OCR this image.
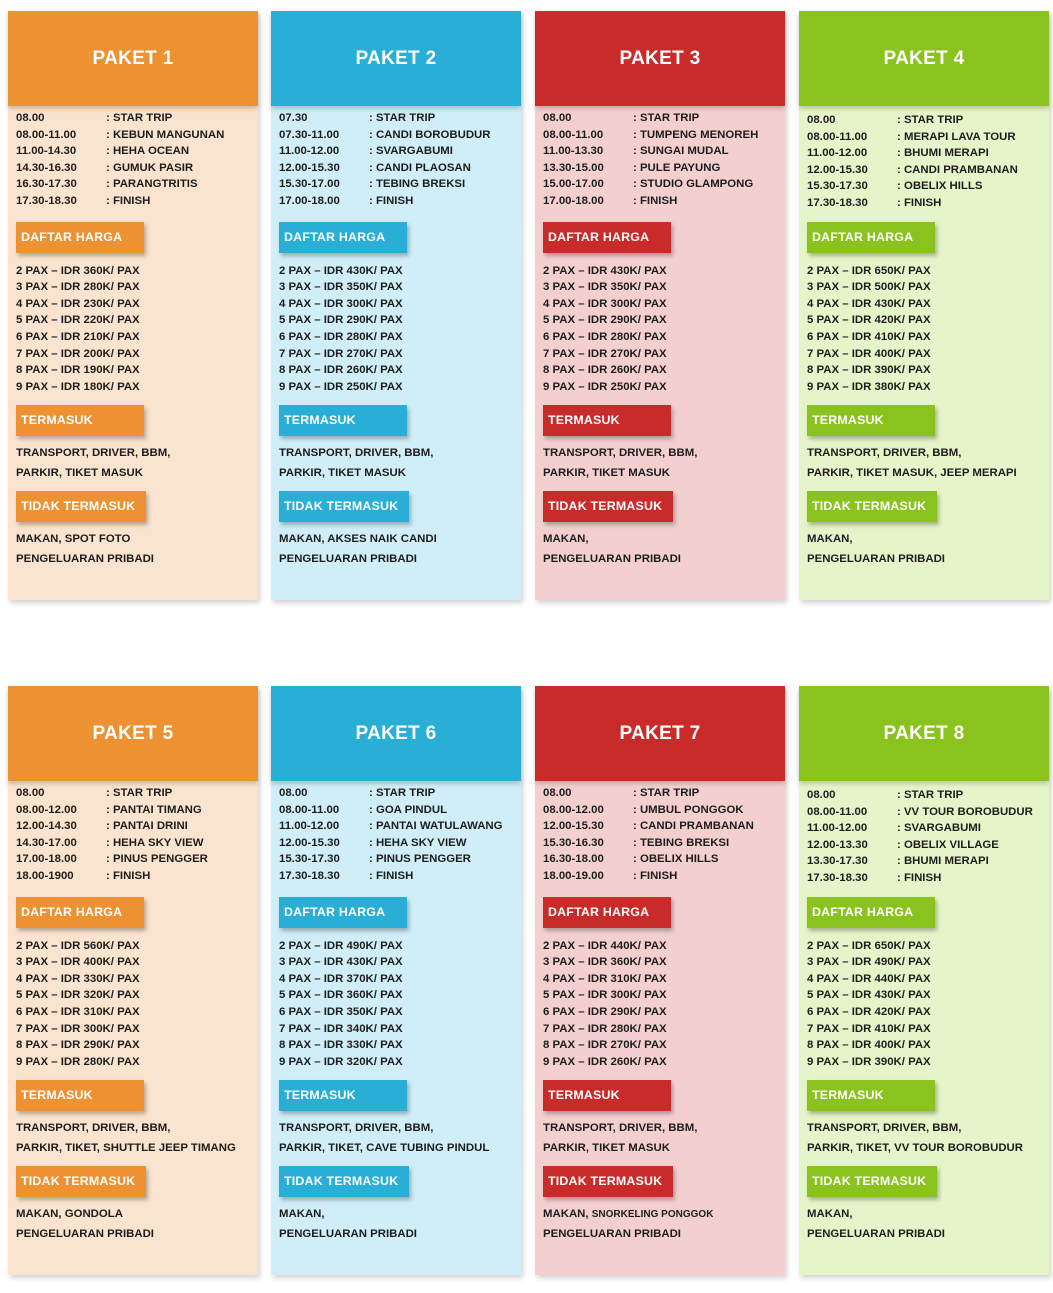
PAKET 1
08.00	: STAR TRIP
08.00-11.00	: KEBUN MANGUNAN
11.00-14.30	: HEHA OCEAN
14.30-16.30	: GUMUK PASIR
16.30-17.30	: PARANGTRITIS
17.30-18.30	: FINISH
DAFTAR HARGA
2 PAX – IDR 360K/ PAX
3 PAX – IDR 280K/ PAX
4 PAX – IDR 230K/ PAX
5 PAX – IDR 220K/ PAX
6 PAX – IDR 210K/ PAX
7 PAX – IDR 200K/ PAX
8 PAX – IDR 190K/ PAX
9 PAX – IDR 180K/ PAX
TERMASUK
TRANSPORT, DRIVER, BBM,
PARKIR, TIKET MASUK
TIDAK TERMASUK
MAKAN, SPOT FOTO
PENGELUARAN PRIBADI
PAKET 2
07.30	: STAR TRIP
07.30-11.00	: CANDI BOROBUDUR
11.00-12.00	: SVARGABUMI
12.00-15.30	: CANDI PLAOSAN
15.30-17.00	: TEBING BREKSI
17.00-18.00	: FINISH
DAFTAR HARGA
2 PAX – IDR 430K/ PAX
3 PAX – IDR 350K/ PAX
4 PAX – IDR 300K/ PAX
5 PAX – IDR 290K/ PAX
6 PAX – IDR 280K/ PAX
7 PAX – IDR 270K/ PAX
8 PAX – IDR 260K/ PAX
9 PAX – IDR 250K/ PAX
TERMASUK
TRANSPORT, DRIVER, BBM,
PARKIR, TIKET MASUK
TIDAK TERMASUK
MAKAN, AKSES NAIK CANDI
PENGELUARAN PRIBADI
PAKET 3
08.00	: STAR TRIP
08.00-11.00	: TUMPENG MENOREH
11.00-13.30	: SUNGAI MUDAL
13.30-15.00	: PULE PAYUNG
15.00-17.00	: STUDIO GLAMPONG
17.00-18.00	: FINISH
DAFTAR HARGA
2 PAX – IDR 430K/ PAX
3 PAX – IDR 350K/ PAX
4 PAX – IDR 300K/ PAX
5 PAX – IDR 290K/ PAX
6 PAX – IDR 280K/ PAX
7 PAX – IDR 270K/ PAX
8 PAX – IDR 260K/ PAX
9 PAX – IDR 250K/ PAX
TERMASUK
TRANSPORT, DRIVER, BBM,
PARKIR, TIKET MASUK
TIDAK TERMASUK
MAKAN,
PENGELUARAN PRIBADI
PAKET 4
08.00	: STAR TRIP
08.00-11.00	: MERAPI LAVA TOUR
11.00-12.00	: BHUMI MERAPI
12.00-15.30	: CANDI PRAMBANAN
15.30-17.30	: OBELIX HILLS
17.30-18.30	: FINISH
DAFTAR HARGA
2 PAX – IDR 650K/ PAX
3 PAX – IDR 500K/ PAX
4 PAX – IDR 430K/ PAX
5 PAX – IDR 420K/ PAX
6 PAX – IDR 410K/ PAX
7 PAX – IDR 400K/ PAX
8 PAX – IDR 390K/ PAX
9 PAX – IDR 380K/ PAX
TERMASUK
TRANSPORT, DRIVER, BBM,
PARKIR, TIKET MASUK, JEEP MERAPI
TIDAK TERMASUK
MAKAN,
PENGELUARAN PRIBADI
PAKET 5
08.00	: STAR TRIP
08.00-12.00	: PANTAI TIMANG
12.00-14.30	: PANTAI DRINI
14.30-17.00	: HEHA SKY VIEW
17.00-18.00	: PINUS PENGGER
18.00-1900	: FINISH
DAFTAR HARGA
2 PAX – IDR 560K/ PAX
3 PAX – IDR 400K/ PAX
4 PAX – IDR 330K/ PAX
5 PAX – IDR 320K/ PAX
6 PAX – IDR 310K/ PAX
7 PAX – IDR 300K/ PAX
8 PAX – IDR 290K/ PAX
9 PAX – IDR 280K/ PAX
TERMASUK
TRANSPORT, DRIVER, BBM,
PARKIR, TIKET, SHUTTLE JEEP TIMANG
TIDAK TERMASUK
MAKAN, GONDOLA
PENGELUARAN PRIBADI
PAKET 6
08.00	: STAR TRIP
08.00-11.00	: GOA PINDUL
11.00-12.00	: PANTAI WATULAWANG
12.00-15.30	: HEHA SKY VIEW
15.30-17.30	: PINUS PENGGER
17.30-18.30	: FINISH
DAFTAR HARGA
2 PAX – IDR 490K/ PAX
3 PAX – IDR 430K/ PAX
4 PAX – IDR 370K/ PAX
5 PAX – IDR 360K/ PAX
6 PAX – IDR 350K/ PAX
7 PAX – IDR 340K/ PAX
8 PAX – IDR 330K/ PAX
9 PAX – IDR 320K/ PAX
TERMASUK
TRANSPORT, DRIVER, BBM,
PARKIR, TIKET, CAVE TUBING PINDUL
TIDAK TERMASUK
MAKAN,
PENGELUARAN PRIBADI
PAKET 7
08.00	: STAR TRIP
08.00-12.00	: UMBUL PONGGOK
12.00-15.30	: CANDI PRAMBANAN
15.30-16.30	: TEBING BREKSI
16.30-18.00	: OBELIX HILLS
18.00-19.00	: FINISH
DAFTAR HARGA
2 PAX – IDR 440K/ PAX
3 PAX – IDR 360K/ PAX
4 PAX – IDR 310K/ PAX
5 PAX – IDR 300K/ PAX
6 PAX – IDR 290K/ PAX
7 PAX – IDR 280K/ PAX
8 PAX – IDR 270K/ PAX
9 PAX – IDR 260K/ PAX
TERMASUK
TRANSPORT, DRIVER, BBM,
PARKIR, TIKET MASUK
TIDAK TERMASUK
MAKAN, SNORKELING PONGGOK
PENGELUARAN PRIBADI
PAKET 8
08.00	: STAR TRIP
08.00-11.00	: VV TOUR BOROBUDUR
11.00-12.00	: SVARGABUMI
12.00-13.30	: OBELIX VILLAGE
13.30-17.30	: BHUMI MERAPI
17.30-18.30	: FINISH
DAFTAR HARGA
2 PAX – IDR 650K/ PAX
3 PAX – IDR 490K/ PAX
4 PAX – IDR 440K/ PAX
5 PAX – IDR 430K/ PAX
6 PAX – IDR 420K/ PAX
7 PAX – IDR 410K/ PAX
8 PAX – IDR 400K/ PAX
9 PAX – IDR 390K/ PAX
TERMASUK
TRANSPORT, DRIVER, BBM,
PARKIR, TIKET, VV TOUR BOROBUDUR
TIDAK TERMASUK
MAKAN,
PENGELUARAN PRIBADI
